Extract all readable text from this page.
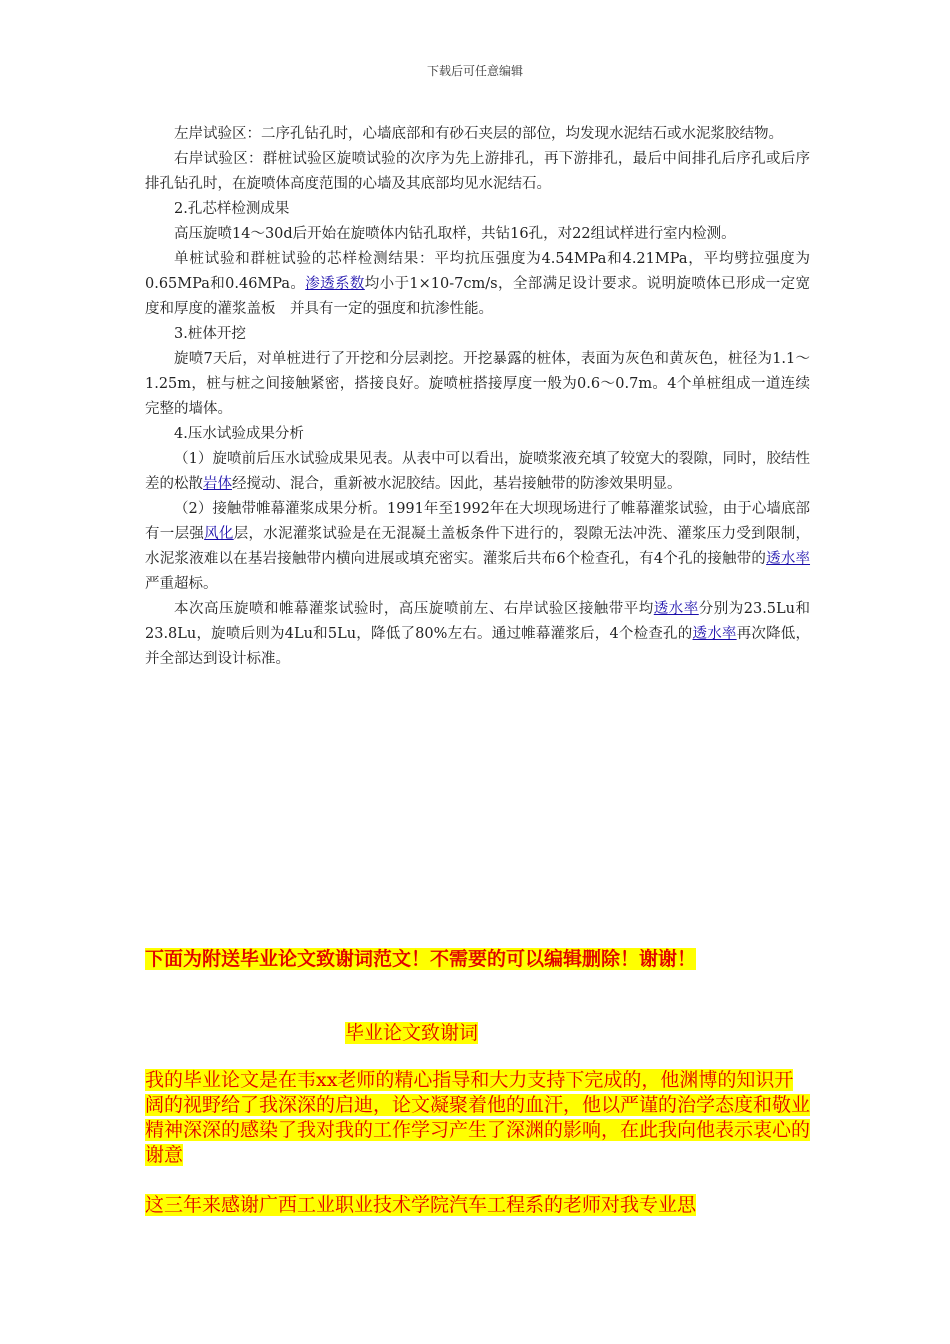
下载后可任意编辑

左岸试验区：二序孔钻孔时，心墙底部和有砂石夹层的部位，均发现水泥结石或水泥浆胶结物。

右岸试验区：群桩试验区旋喷试验的次序为先上游排孔，再下游排孔，最后中间排孔后序孔或后序排孔钻孔时，在旋喷体高度范围的心墙及其底部均见水泥结石。

2.孔芯样检测成果

高压旋喷14～30d后开始在旋喷体内钻孔取样，共钻16孔，对22组试样进行室内检测。

单桩试验和群桩试验的芯样检测结果：平均抗压强度为4.54MPa和4.21MPa，平均劈拉强度为0.65MPa和0.46MPa。渗透系数均小于1×10-7cm/s，全部满足设计要求。说明旋喷体已形成一定宽度和厚度的灌浆盖板　并具有一定的强度和抗渗性能。

3.桩体开挖

旋喷7天后，对单桩进行了开挖和分层剥挖。开挖暴露的桩体，表面为灰色和黄灰色，桩径为1.1～1.25m，桩与桩之间接触紧密，搭接良好。旋喷桩搭接厚度一般为0.6～0.7m。4个单桩组成一道连续完整的墙体。

4.压水试验成果分析

（1）旋喷前后压水试验成果见表。从表中可以看出，旋喷浆液充填了较宽大的裂隙，同时，胶结性差的松散岩体经搅动、混合，重新被水泥胶结。因此，基岩接触带的防渗效果明显。

（2）接触带帷幕灌浆成果分析。1991年至1992年在大坝现场进行了帷幕灌浆试验，由于心墙底部有一层强风化层，水泥灌浆试验是在无混凝土盖板条件下进行的，裂隙无法冲洗、灌浆压力受到限制，水泥浆液难以在基岩接触带内横向进展或填充密实。灌浆后共布6个检查孔，有4个孔的接触带的透水率严重超标。

本次高压旋喷和帷幕灌浆试验时，高压旋喷前左、右岸试验区接触带平均透水率分别为23.5Lu和23.8Lu，旋喷后则为4Lu和5Lu，降低了80%左右。通过帷幕灌浆后，4个检查孔的透水率再次降低，并全部达到设计标准。

下面为附送毕业论文致谢词范文！不需要的可以编辑删除！谢谢！
毕业论文致谢词
我的毕业论文是在韦xx老师的精心指导和大力支持下完成的，他渊博的知识开阔的视野给了我深深的启迪，论文凝聚着他的血汗，他以严谨的治学态度和敬业精神深深的感染了我对我的工作学习产生了深渊的影响，在此我向他表示衷心的谢意
这三年来感谢广西工业职业技术学院汽车工程系的老师对我专业思
